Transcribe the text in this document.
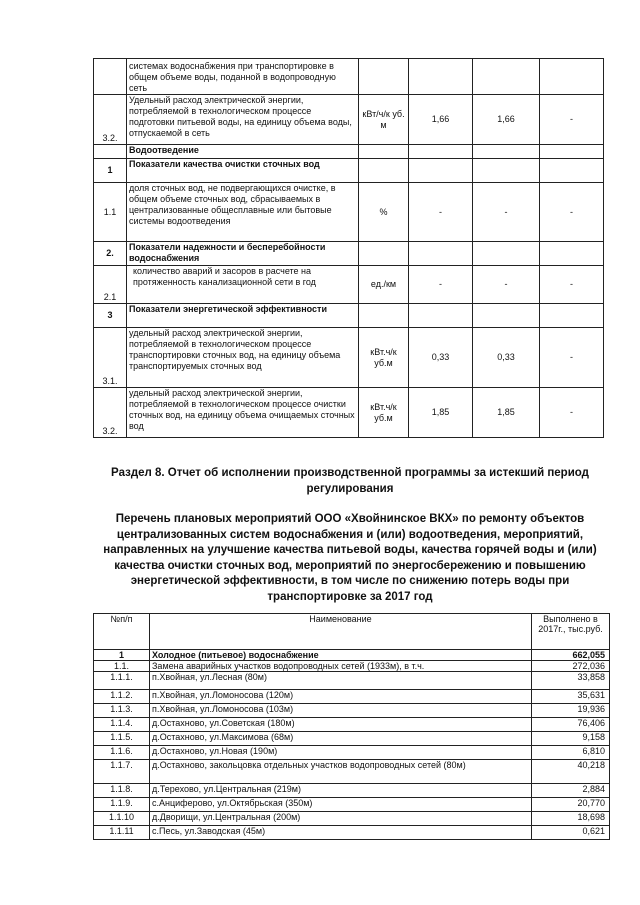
	системах водоснабжения при транспортировке в общем объеме воды, поданной в водопроводную сеть				
3.2.	Удельный расход электрической энергии, потребляемой в технологическом процессе подготовки питьевой воды, на единицу объема воды, отпускаемой в сеть	кВт/ч/к уб. м	1,66	1,66	-
	Водоотведение				
1	Показатели качества очистки сточных вод				
1.1	доля сточных вод, не подвергающихся очистке, в общем объеме сточных вод, сбрасываемых в централизованные общесплавные или бытовые системы водоотведения	%	-	-	-
2.	Показатели надежности и бесперебойности водоснабжения				
2.1	количество аварий и засоров в расчете на протяженность канализационной сети в год	ед./км	-	-	-
3	Показатели энергетической эффективности				
3.1.	удельный расход электрической энергии, потребляемой в технологическом процессе транспортировки сточных вод, на единицу объема транспортируемых сточных вод	кВт.ч/к уб.м	0,33	0,33	-
3.2.	удельный расход электрической энергии, потребляемой в технологическом процессе очистки сточных вод, на единицу объема очищаемых сточных вод	кВт.ч/к уб.м	1,85	1,85	-

Раздел 8. Отчет об исполнении производственной программы за истекший период регулирования

Перечень плановых мероприятий ООО «Хвойнинское ВКХ» по ремонту объектов централизованных систем водоснабжения и (или) водоотведения, мероприятий, направленных на улучшение качества питьевой воды, качества горячей воды и (или) качества очистки сточных вод, мероприятий по энергосбережению и повышению энергетической эффективности, в том числе по снижению потерь воды при транспортировке за 2017 год

№п/п	Наименование	Выполнено в 2017г., тыс.руб.
1	Холодное (питьевое) водоснабжение	662,055
1.1.	Замена аварийных участков водопроводных сетей (1933м), в т.ч.	272,036
1.1.1.	п.Хвойная, ул.Лесная (80м)	33,858
1.1.2.	п.Хвойная, ул.Ломоносова (120м)	35,631
1.1.3.	п.Хвойная, ул.Ломоносова (103м)	19,936
1.1.4.	д.Остахново, ул.Советская (180м)	76,406
1.1.5.	д.Остахново, ул.Максимова (68м)	9,158
1.1.6.	д.Остахново, ул.Новая (190м)	6,810
1.1.7.	д.Остахново, закольцовка отдельных участков водопроводных сетей (80м)	40,218
1.1.8.	д.Терехово, ул.Центральная (219м)	2,884
1.1.9.	с.Анциферово, ул.Октябрьская (350м)	20,770
1.1.10	д.Дворищи, ул.Центральная (200м)	18,698
1.1.11	с.Песь, ул.Заводская (45м)	0,621
